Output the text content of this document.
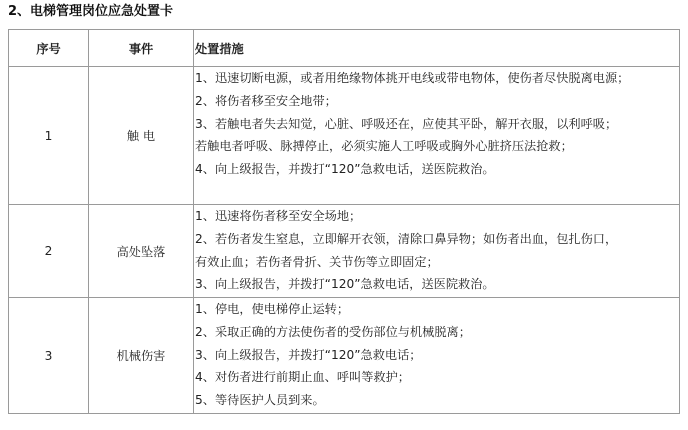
2、电梯管理岗位应急处置卡
序号	事件	处置措施
1	触 电	1、迅速切断电源，或者用绝缘物体挑开电线或带电物体，使伤者尽快脱离电源；
2、将伤者移至安全地带；
3、若触电者失去知觉，心脏、呼吸还在，应使其平卧，解开衣服，以利呼吸；
若触电者呼吸、脉搏停止，必须实施人工呼吸或胸外心脏挤压法抢救；
4、向上级报告，并拨打“120”急救电话，送医院救治。

2	高处坠落	1、迅速将伤者移至安全场地；
2、若伤者发生窒息，立即解开衣领，清除口鼻异物；如伤者出血，包扎伤口，
有效止血；若伤者骨折、关节伤等立即固定；
3、向上级报告，并拨打“120”急救电话，送医院救治。

3	机械伤害	1、停电，使电梯停止运转；
2、采取正确的方法使伤者的受伤部位与机械脱离；
3、向上级报告，并拨打“120”急救电话；
4、对伤者进行前期止血、呼叫等救护；
5、等待医护人员到来。
